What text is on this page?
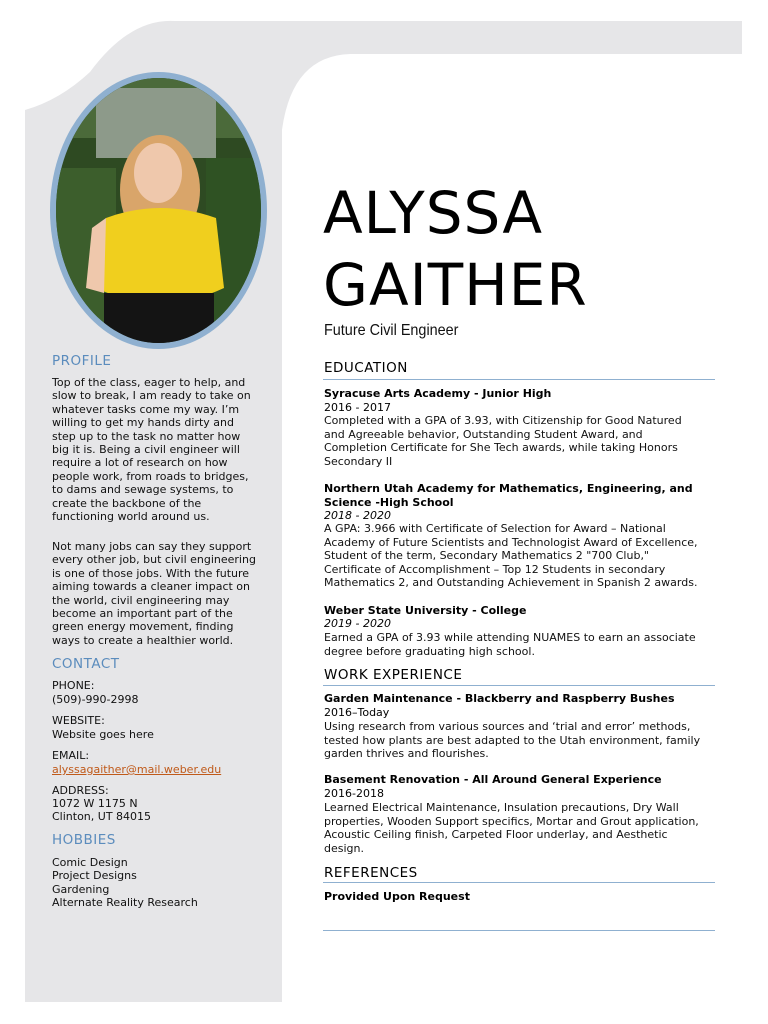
PROFILE
Top of the class, eager to help, and
slow to break, I am ready to take on
whatever tasks come my way. I’m
willing to get my hands dirty and
step up to the task no matter how
big it is. Being a civil engineer will
require a lot of research on how
people work, from roads to bridges,
to dams and sewage systems, to
create the backbone of the
functioning world around us.
Not many jobs can say they support
every other job, but civil engineering
is one of those jobs. With the future
aiming towards a cleaner impact on
the world, civil engineering may
become an important part of the
green energy movement, finding
ways to create a healthier world.
CONTACT
PHONE:
(509)-990-2998
WEBSITE:
Website goes here
EMAIL:
alyssagaither@mail.weber.edu
ADDRESS:
1072 W 1175 N
Clinton, UT 84015
HOBBIES
Comic Design
Project Designs
Gardening
Alternate Reality Research
ALYSSA
GAITHER
Future Civil Engineer
EDUCATION
Syracuse Arts Academy - Junior High
2016 - 2017
Completed with a GPA of 3.93, with Citizenship for Good Natured
and Agreeable behavior, Outstanding Student Award, and
Completion Certificate for She Tech awards, while taking Honors
Secondary II
Northern Utah Academy for Mathematics, Engineering, and
Science -High School
2018 - 2020
A GPA: 3.966 with Certificate of Selection for Award – National
Academy of Future Scientists and Technologist Award of Excellence,
Student of the term, Secondary Mathematics 2 "700 Club,"
Certificate of Accomplishment – Top 12 Students in secondary
Mathematics 2, and Outstanding Achievement in Spanish 2 awards.
Weber State University - College
2019 - 2020
Earned a GPA of 3.93 while attending NUAMES to earn an associate
degree before graduating high school.
WORK EXPERIENCE
Garden Maintenance - Blackberry and Raspberry Bushes
2016–Today
Using research from various sources and ‘trial and error’ methods,
tested how plants are best adapted to the Utah environment, family
garden thrives and flourishes.
Basement Renovation - All Around General Experience
2016-2018
Learned Electrical Maintenance, Insulation precautions, Dry Wall
properties, Wooden Support specifics, Mortar and Grout application,
Acoustic Ceiling finish, Carpeted Floor underlay, and Aesthetic
design.
REFERENCES
Provided Upon Request
